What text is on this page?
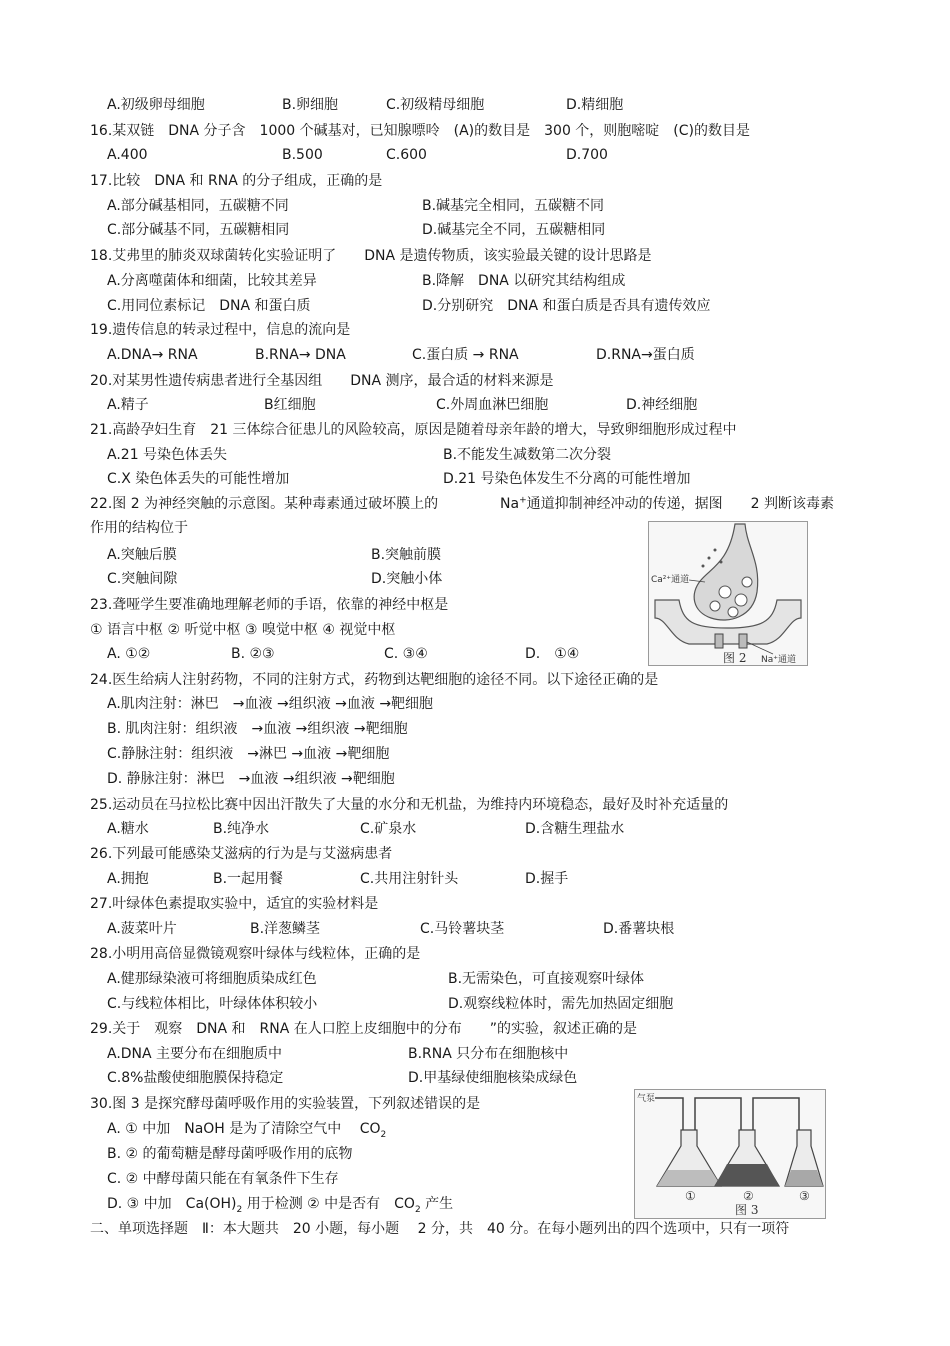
A.初级卵母细胞	B.卵细胞	C.初级精母细胞	D.精细胞
16.某双链　DNA 分子含　1000 个碱基对，已知腺嘌呤　(A)的数目是　300 个，则胞嘧啶　(C)的数目是
A.400	B.500	C.600	D.700
17.比较　DNA 和 RNA 的分子组成，正确的是
A.部分碱基相同，五碳糖不同	B.碱基完全相同，五碳糖不同
C.部分碱基不同，五碳糖相同	D.碱基完全不同，五碳糖相同
18.艾弗里的肺炎双球菌转化实验证明了　　DNA 是遗传物质，该实验最关键的设计思路是
A.分离噬菌体和细菌，比较其差异	B.降解　DNA 以研究其结构组成
C.用同位素标记　DNA 和蛋白质	D.分别研究　DNA 和蛋白质是否具有遗传效应
19.遗传信息的转录过程中，信息的流向是
A.DNA→ RNA	B.RNA→ DNA	C.蛋白质 → RNA	D.RNA→蛋白质
20.对某男性遗传病患者进行全基因组　　DNA 测序，最合适的材料来源是
A.精子	B红细胞	C.外周血淋巴细胞	D.神经细胞
21.高龄孕妇生育　21 三体综合征患儿的风险较高，原因是随着母亲年龄的增大，导致卵细胞形成过程中
A.21 号染色体丢失	B.不能发生减数第二次分裂
C.X 染色体丢失的可能性增加	D.21 号染色体发生不分离的可能性增加
22.图 2 为神经突触的示意图。某种毒素通过破坏膜上的	Na+通道抑制神经冲动的传递，据图　　2 判断该毒素
作用的结构位于
A.突触后膜	B.突触前膜
C.突触间隙	D.突触小体	Ca²⁺通道
Na⁺通道
图 2
23.聋哑学生要准确地理解老师的手语，依靠的神经中枢是
① 语言中枢 ② 听觉中枢 ③ 嗅觉中枢 ④ 视觉中枢
A. ①②	B. ②③	C. ③④	D.　①④
24.医生给病人注射药物，不同的注射方式，药物到达靶细胞的途径不同。以下途径正确的是
A.肌肉注射：淋巴　→血液 →组织液 →血液 →靶细胞
B. 肌肉注射：组织液　→血液 →组织液 →靶细胞
C.静脉注射：组织液　→淋巴 →血液 →靶细胞
D. 静脉注射：淋巴　→血液 →组织液 →靶细胞
25.运动员在马拉松比赛中因出汗散失了大量的水分和无机盐，为维持内环境稳态，最好及时补充适量的
A.糖水	B.纯净水	C.矿泉水	D.含糖生理盐水
26.下列最可能感染艾滋病的行为是与艾滋病患者
A.拥抱	B.一起用餐	C.共用注射针头	D.握手
27.叶绿体色素提取实验中，适宜的实验材料是
A.菠菜叶片	B.洋葱鳞茎	C.马铃薯块茎	D.番薯块根
28.小明用高倍显微镜观察叶绿体与线粒体，正确的是
A.健那绿染液可将细胞质染成红色	B.无需染色，可直接观察叶绿体
C.与线粒体相比，叶绿体体积较小	D.观察线粒体时，需先加热固定细胞
29.关于　观察　DNA 和　RNA 在人口腔上皮细胞中的分布　　”的实验，叙述正确的是
A.DNA 主要分布在细胞质中	B.RNA 只分布在细胞核中
C.8%盐酸使细胞膜保持稳定	D.甲基绿使细胞核染成绿色
30.图 3 是探究酵母菌呼吸作用的实验装置，下列叙述错误的是
A. ① 中加　NaOH 是为了清除空气中　 $CO_2$
B. ② 的葡萄糖是酵母菌呼吸作用的底物
C. ② 中酵母菌只能在有氧条件下生存
D. ③ 中加　$Ca(OH)_2$ 用于检测 ② 中是否有　$CO_2$ 产生
气泵
①	②	③
图 3
二、单项选择题　Ⅱ：本大题共　20 小题，每小题　 2 分，共　40 分。在每小题列出的四个选项中，只有一项符
